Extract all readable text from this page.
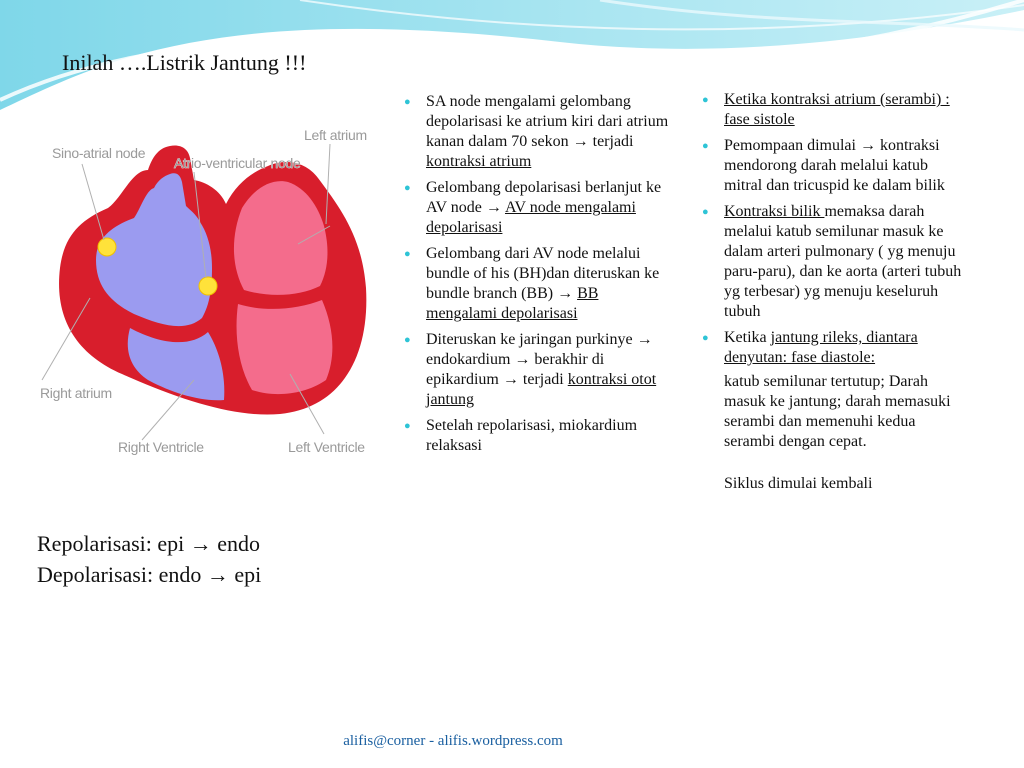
Inilah ….Listrik Jantung !!!
Sino-atrial node
Atrio-ventricular node
Left atrium
Right atrium
Right Ventricle	Left Ventricle
● SA node mengalami gelombang depolarisasi ke atrium kiri dari atrium kanan dalam 70 sekon → terjadi kontraksi atrium
● Gelombang depolarisasi berlanjut ke AV node → AV node mengalami depolarisasi
● Gelombang dari AV node melalui bundle of his (BH)dan diteruskan ke bundle branch (BB) → BB mengalami depolarisasi
● Diteruskan ke jaringan purkinye → endokardium → berakhir di epikardium → terjadi kontraksi otot jantung
● Setelah repolarisasi, miokardium relaksasi
● Ketika kontraksi atrium (serambi) : fase sistole
● Pemompaan dimulai → kontraksi mendorong darah melalui katub mitral dan tricuspid ke dalam bilik
● Kontraksi bilik memaksa darah melalui katub semilunar masuk ke dalam arteri pulmonary ( yg menuju paru-paru), dan ke aorta (arteri tubuh yg terbesar) yg menuju keseluruh tubuh
● Ketika jantung rileks, diantara denyutan: fase diastole:
katub semilunar tertutup; Darah masuk ke jantung; darah memasuki serambi dan memenuhi kedua serambi dengan cepat.
Siklus dimulai kembali
Repolarisasi: epi → endo
Depolarisasi: endo → epi
alifis@corner - alifis.wordpress.com
